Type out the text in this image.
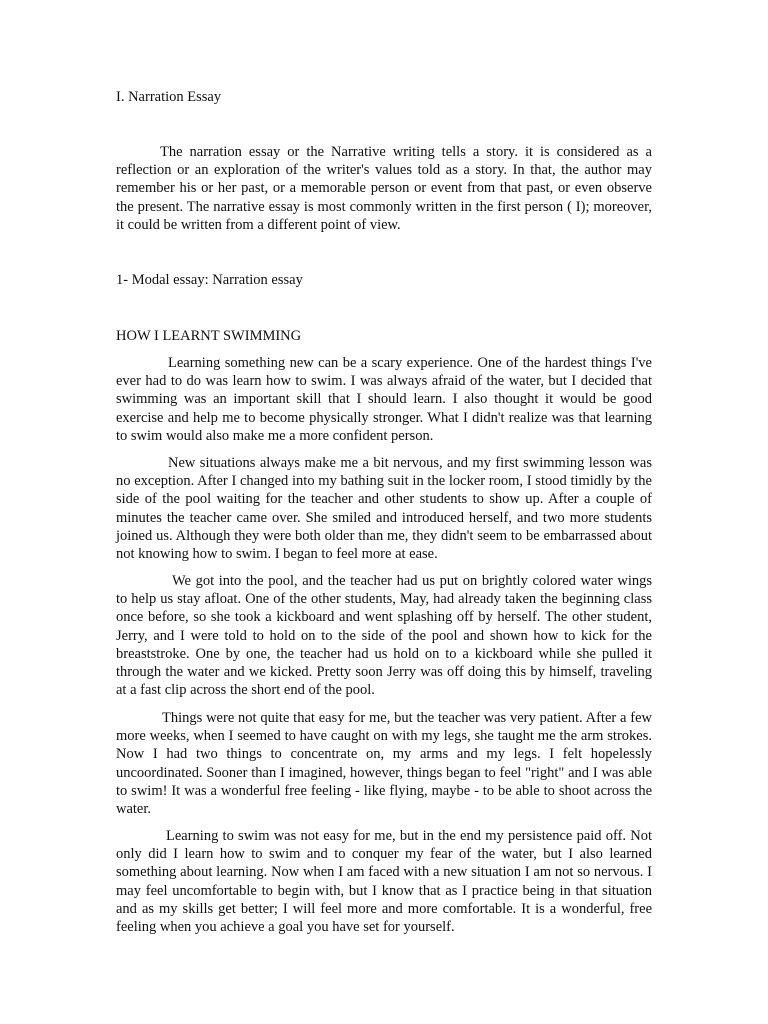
I. Narration Essay

The narration essay or the Narrative writing tells a story. it is considered as a reflection or an exploration of the writer's values told as a story. In that, the author may remember his or her past, or a memorable person or event from that past, or even observe the present. The narrative essay is most commonly written in the first person ( I); moreover, it could be written from a different point of view.

1- Modal essay: Narration essay

HOW I LEARNT SWIMMING

Learning something new can be a scary experience. One of the hardest things I've ever had to do was learn how to swim. I was always afraid of the water, but I decided that swimming was an important skill that I should learn. I also thought it would be good exercise and help me to become physically stronger. What I didn't realize was that learning to swim would also make me a more confident person.

New situations always make me a bit nervous, and my first swimming lesson was no exception. After I changed into my bathing suit in the locker room, I stood timidly by the side of the pool waiting for the teacher and other students to show up. After a couple of minutes the teacher came over. She smiled and introduced herself, and two more students joined us. Although they were both older than me, they didn't seem to be embarrassed about not knowing how to swim. I began to feel more at ease.

We got into the pool, and the teacher had us put on brightly colored water wings to help us stay afloat. One of the other students, May, had already taken the beginning class once before, so she took a kickboard and went splashing off by herself. The other student, Jerry, and I were told to hold on to the side of the pool and shown how to kick for the breaststroke. One by one, the teacher had us hold on to a kickboard while she pulled it through the water and we kicked. Pretty soon Jerry was off doing this by himself, traveling at a fast clip across the short end of the pool.

Things were not quite that easy for me, but the teacher was very patient. After a few more weeks, when I seemed to have caught on with my legs, she taught me the arm strokes. Now I had two things to concentrate on, my arms and my legs. I felt hopelessly uncoordinated. Sooner than I imagined, however, things began to feel "right" and I was able to swim! It was a wonderful free feeling - like flying, maybe - to be able to shoot across the water.

Learning to swim was not easy for me, but in the end my persistence paid off. Not only did I learn how to swim and to conquer my fear of the water, but I also learned something about learning. Now when I am faced with a new situation I am not so nervous. I may feel uncomfortable to begin with, but I know that as I practice being in that situation and as my skills get better; I will feel more and more comfortable. It is a wonderful, free feeling when you achieve a goal you have set for yourself.
